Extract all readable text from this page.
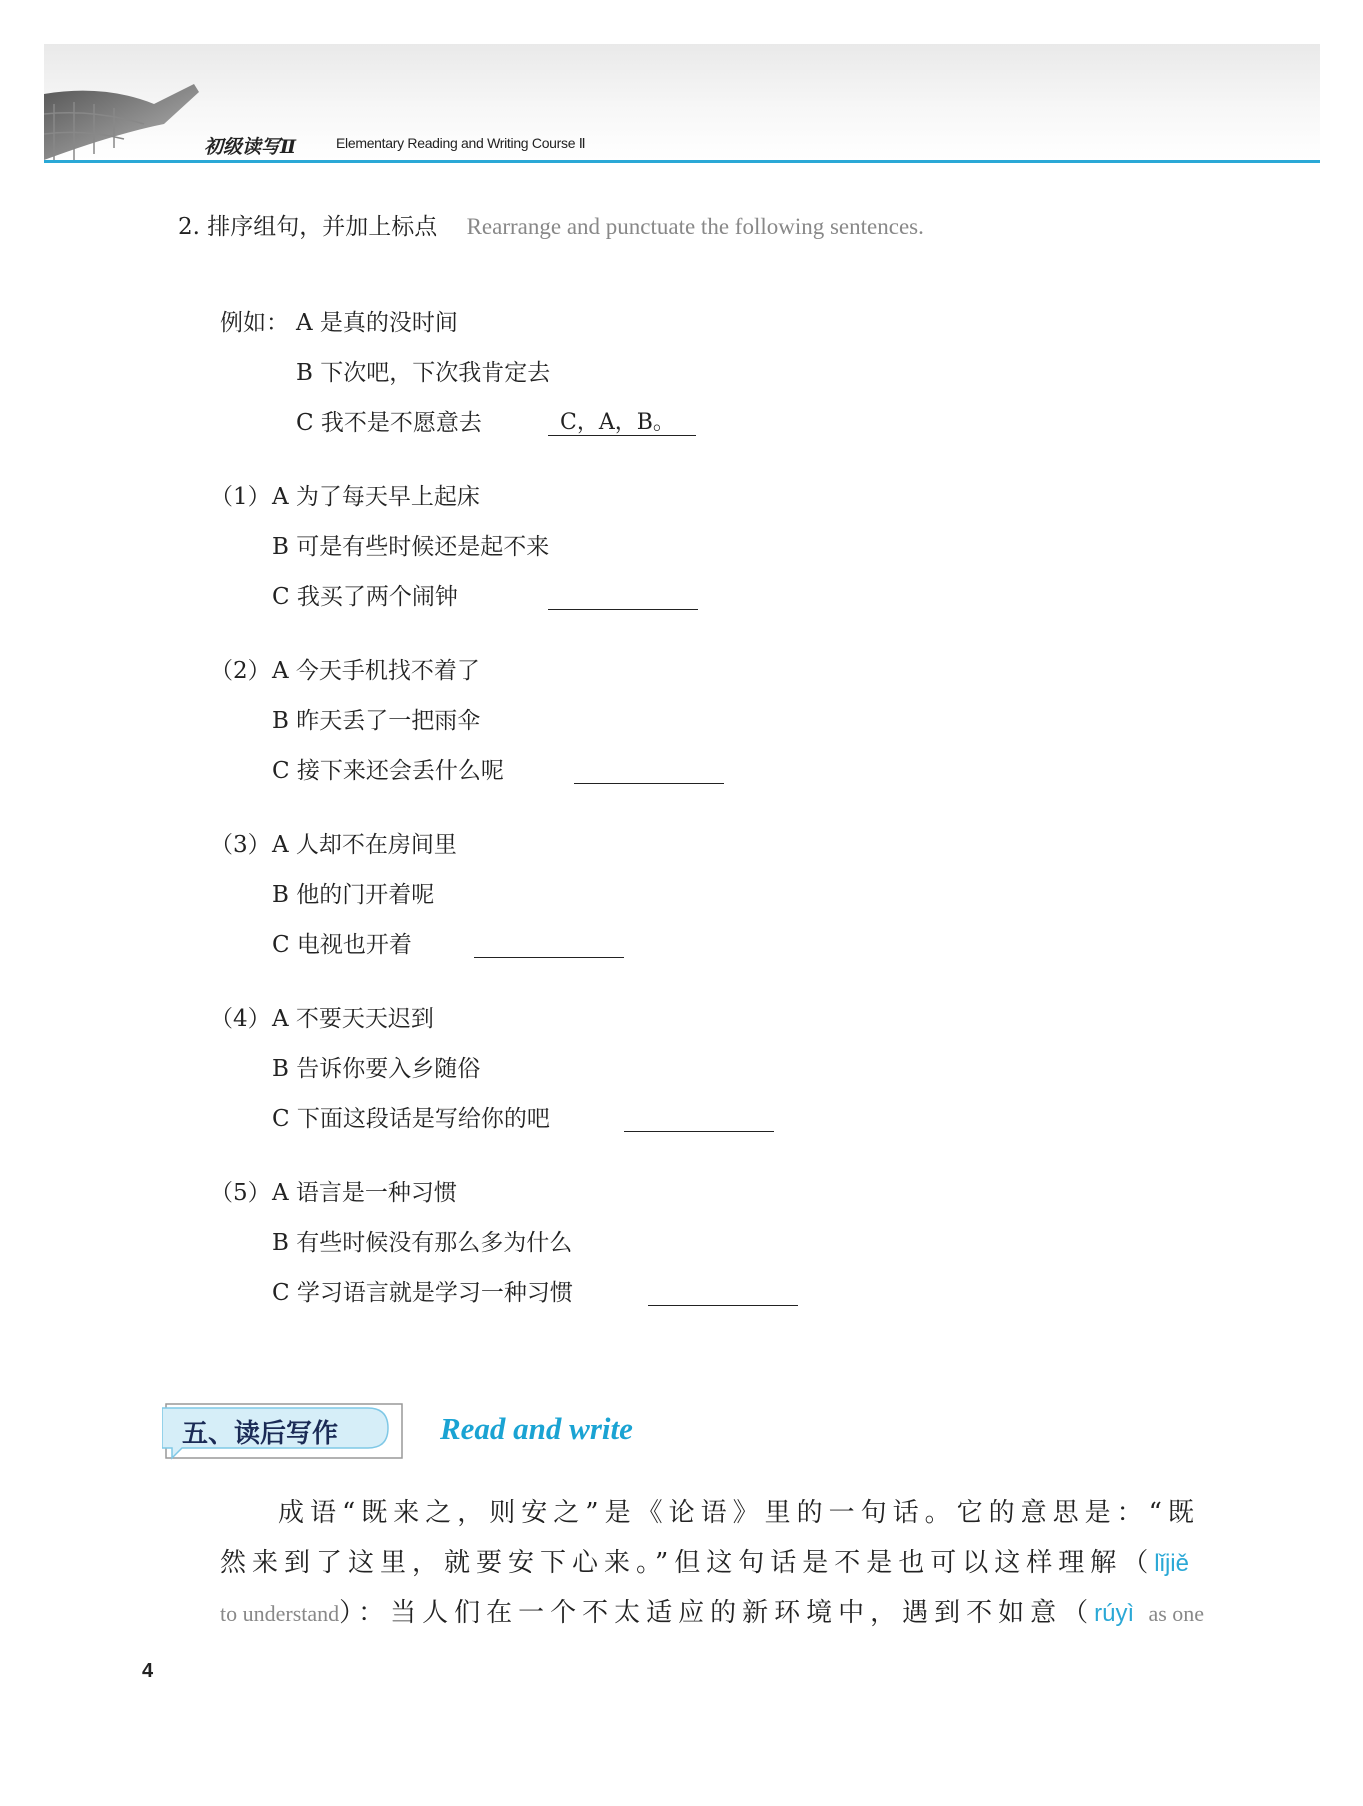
初级读写Ⅱ	Elementary Reading and Writing Course Ⅱ
2. 排序组句，并加上标点 Rearrange and punctuate the following sentences.
例如： A 是真的没时间
B 下次吧，下次我肯定去
C 我不是不愿意去	C，A，B。
（1） A 为了每天早上起床
B 可是有些时候还是起不来
C 我买了两个闹钟
（2） A 今天手机找不着了
B 昨天丢了一把雨伞
C 接下来还会丢什么呢
（3） A 人却不在房间里
B 他的门开着呢
C 电视也开着
（4） A 不要天天迟到
B 告诉你要入乡随俗
C 下面这段话是写给你的吧
（5） A 语言是一种习惯
B 有些时候没有那么多为什么
C 学习语言就是学习一种习惯
五、读后写作	Read and write
成语“既来之，则安之”是《论语》里的一句话。它的意思是：“既
然来到了这里，就要安下心来。”但这句话是不是也可以这样理解（lǐjiě
to understand）：当人们在一个不太适应的新环境中，遇到不如意（rúyì as one
4
